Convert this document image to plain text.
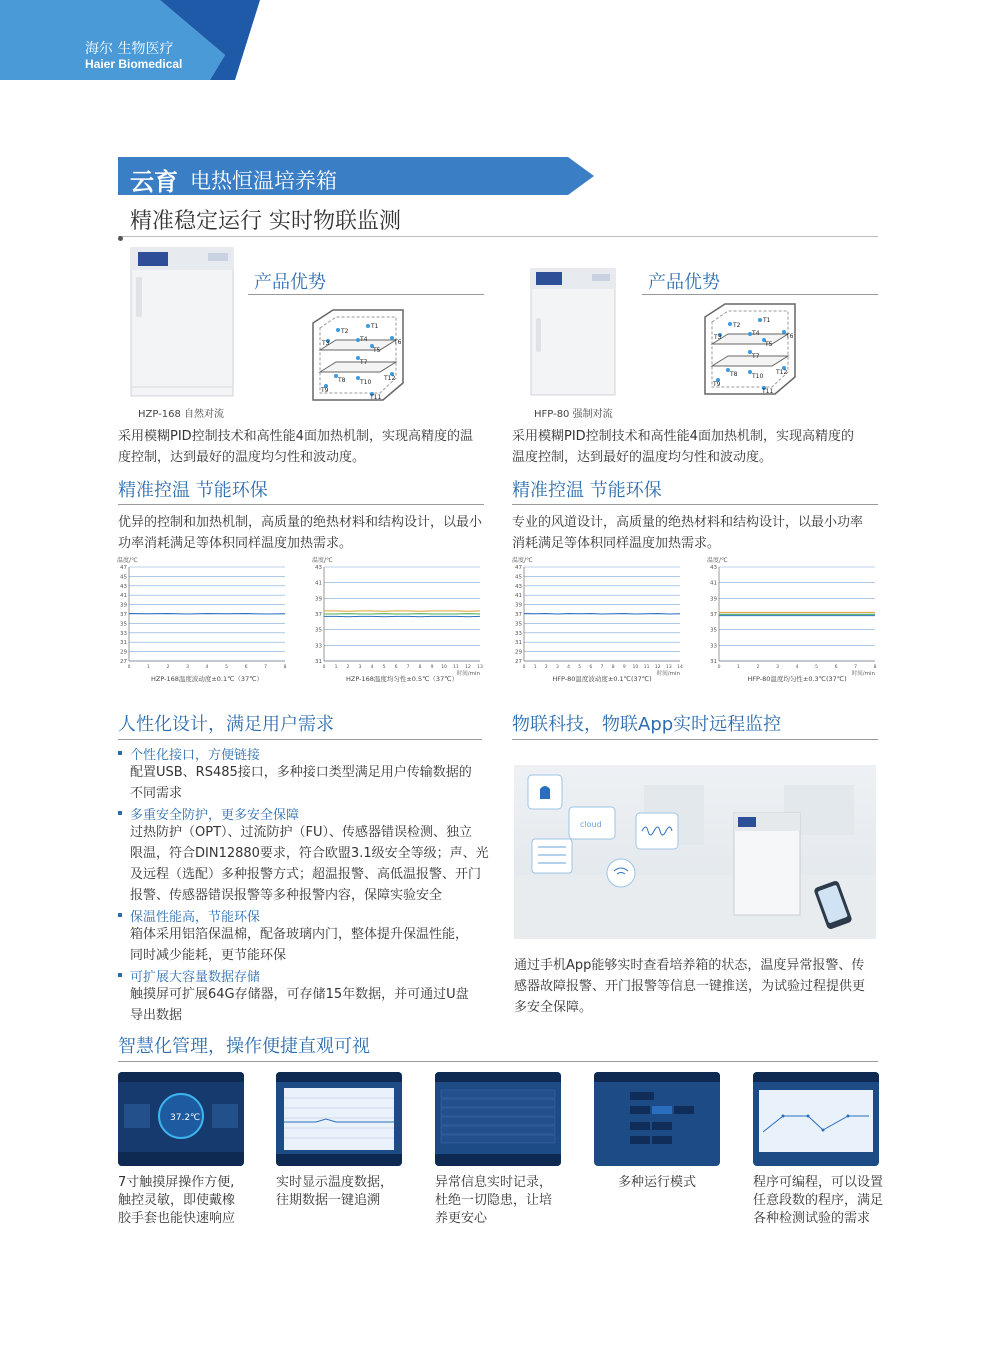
海尔 生物医疗
Haier Biomedical
云育 电热恒温培养箱
精准稳定运行 实时物联监测
HZP-168 自然对流
产品优势
T1
T2
T3
T4
T5
T6
T7
T8
T9
T10
T11
T12
采用模糊PID控制技术和高性能4面加热机制，实现高精度的温
度控制，达到最好的温度均匀性和波动度。
精准控温 节能环保
优异的控制和加热机制，高质量的绝热材料和结构设计，以最小
功率消耗满足等体积同样温度加热需求。
HFP-80 强制对流
产品优势
T1
T2
T3
T4
T5
T6
T7
T8
T9
T10
T11
T12
采用模糊PID控制技术和高性能4面加热机制，实现高精度的
温度控制，达到最好的温度均匀性和波动度。
精准控温 节能环保
专业的风道设计，高质量的绝热材料和结构设计，以最小功率
消耗满足等体积同样温度加热需求。
温度/℃
27
29
31
33
35
37
39
41
43
45
47
0	1	2	3	4	5	6	7	8
HZP-168温度波动度±0.1℃（37℃）
温度/℃
31
33
35
37
39
41
43
0 1 2 3 4 5 6 7 8 9 10 11 12 13
时间/min
HZP-168温度均匀性±0.5℃（37℃）
温度/℃
27
29
31
33
35
37
39
41
43
45
47
0 1 2 3 4 5 6 7 8 9 10 11 12 13 14
时间/min
HFP-80温度波动度±0.1℃(37℃)
温度/℃
31
33
35
37
39
41
43
0	1	2	3	4	5	6	7	8
时间/min
HFP-80温度均匀性±0.3℃(37℃)
人性化设计，满足用户需求
个性化接口，方便链接
配置USB、RS485接口，多种接口类型满足用户传输数据的
不同需求
多重安全防护，更多安全保障
过热防护（OPT）、过流防护（FU）、传感器错误检测、独立
限温，符合DIN12880要求，符合欧盟3.1级安全等级；声、光
及远程（选配）多种报警方式；超温报警、高低温报警、开门
报警、传感器错误报警等多种报警内容，保障实验安全
保温性能高，节能环保
箱体采用铝箔保温棉，配备玻璃内门，整体提升保温性能，
同时减少能耗，更节能环保
可扩展大容量数据存储
触摸屏可扩展64G存储器，可存储15年数据，并可通过U盘
导出数据
物联科技，物联App实时远程监控
cloud
通过手机App能够实时查看培养箱的状态，温度异常报警、传
感器故障报警、开门报警等信息一键推送，为试验过程提供更
多安全保障。
智慧化管理，操作便捷直观可视
37.2℃
7寸触摸屏操作方便,
触控灵敏，即使戴橡
胶手套也能快速响应
实时显示温度数据，
往期数据一键追溯
异常信息实时记录，
杜绝一切隐患，让培
养更安心
多种运行模式	程序可编程，可以设置
任意段数的程序，满足
各种检测试验的需求
